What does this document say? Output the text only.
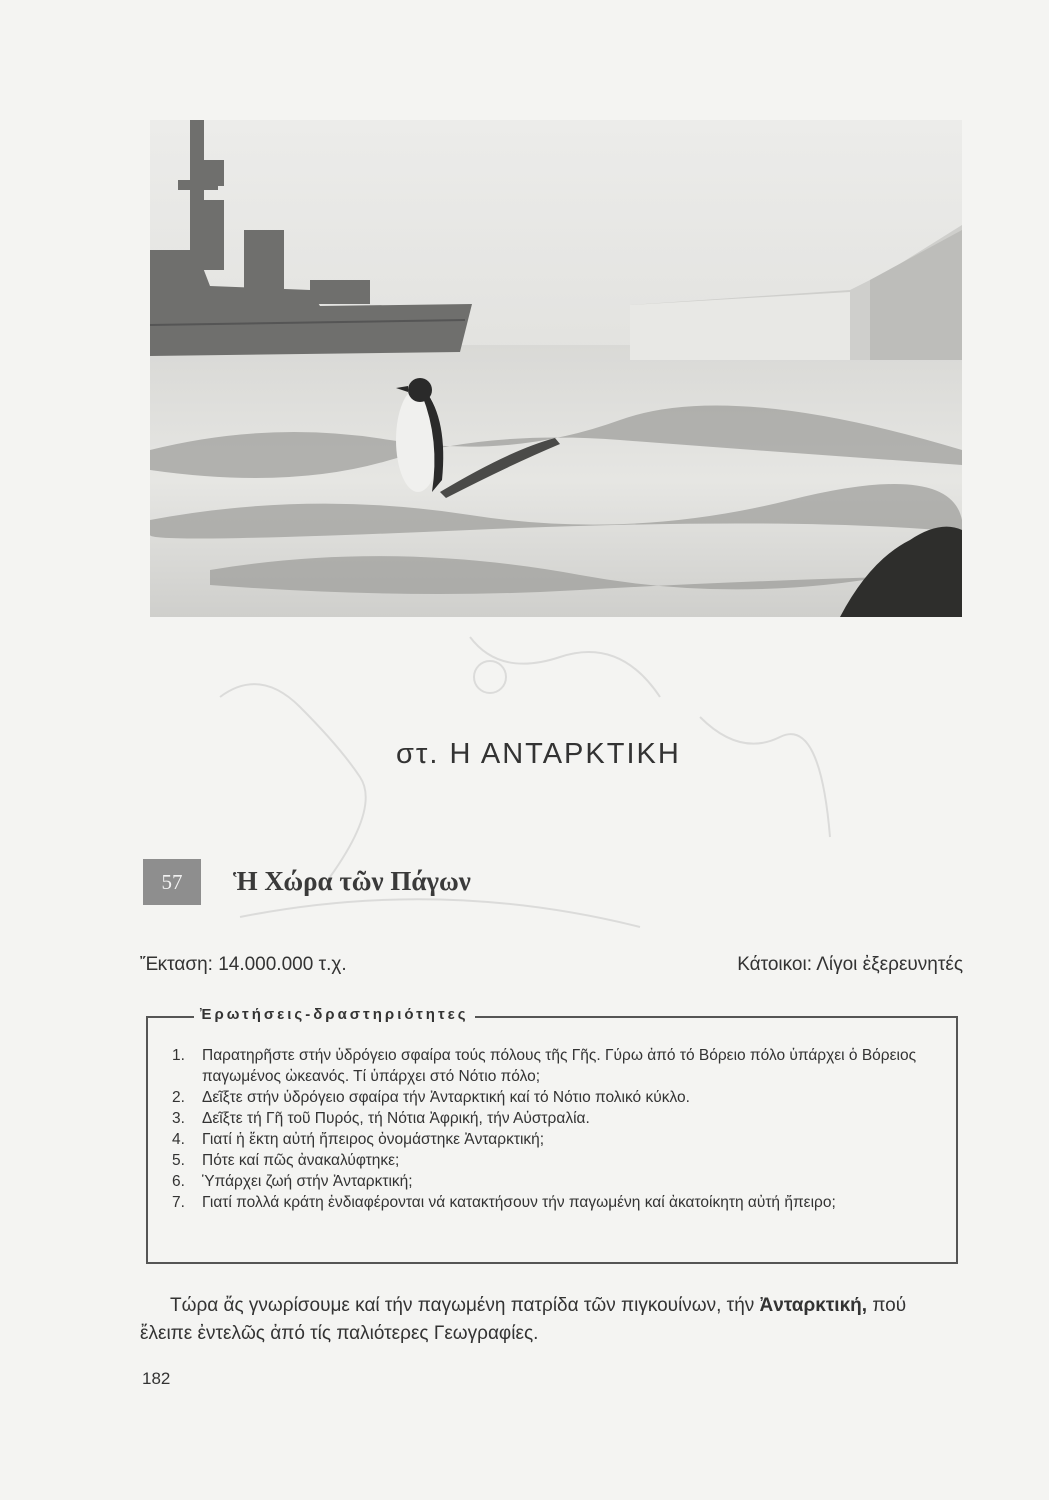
στ. Η ΑΝΤΑΡΚΤΙΚΗ
57	Ἡ Χώρα τῶν Πάγων
Ἔκταση: 14.000.000 τ.χ.	Κάτοικοι: Λίγοι ἐξερευνητές
Ἐρωτήσεις-δραστηριότητες
1. Παρατηρῆστε στήν ὑδρόγειο σφαίρα τούς πόλους τῆς Γῆς. Γύρω ἀπό τό Βόρειο πόλο ὑπάρχει ὁ Βόρειος παγωμένος ὠκεανός. Τί ὑπάρχει στό Νότιο πόλο;
2. Δεῖξτε στήν ὑδρόγειο σφαίρα τήν Ἀνταρκτική καί τό Νότιο πολικό κύκλο.
3. Δεῖξτε τή Γῆ τοῦ Πυρός, τή Νότια Ἀφρική, τήν Αὐστραλία.
4. Γιατί ἡ ἕκτη αὐτή ἤπειρος ὀνομάστηκε Ἀνταρκτική;
5. Πότε καί πῶς ἀνακαλύφτηκε;
6. Ὑπάρχει ζωή στήν Ἀνταρκτική;
7. Γιατί πολλά κράτη ἐνδιαφέρονται νά κατακτήσουν τήν παγωμένη καί ἀκατοίκητη αὐτή ἤπειρο;

Τώρα ἄς γνωρίσουμε καί τήν παγωμένη πατρίδα τῶν πιγκουίνων, τήν Ἀνταρκτική, πού ἔλειπε ἐντελῶς ἀπό τίς παλιότερες Γεωγραφίες.

182
